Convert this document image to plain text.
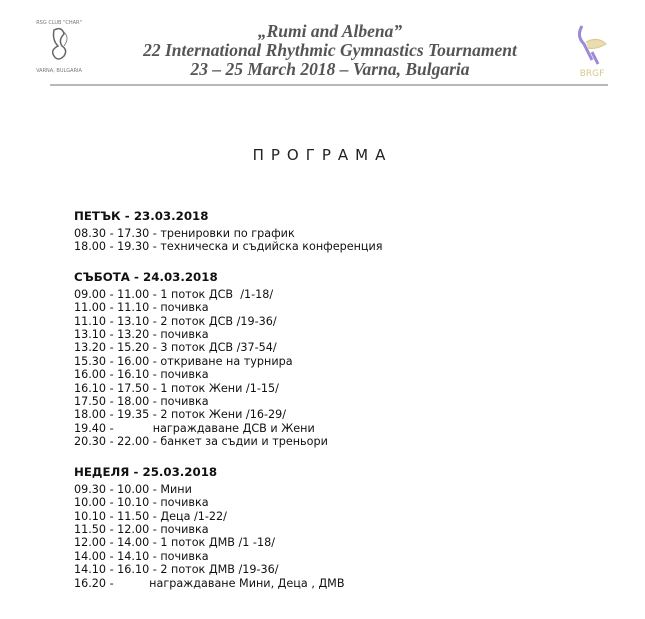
RSG CLUB "CHAR"
VARNA, BULGARIA
„Rumi and Albena”
22 International Rhythmic Gymnastics Tournament
23 – 25 March 2018 – Varna, Bulgaria	BRGF
ПРОГРАМА
ПЕТЪК - 23.03.2018
08.30 - 17.30 - тренировки по график
18.00 - 19.30 - техническа и съдийска конференция
СЪБОТА - 24.03.2018
09.00 - 11.00 - 1 поток ДСВ  /1-18/
11.00 - 11.10 - почивка
11.10 - 13.10 - 2 поток ДСВ /19-36/
13.10 - 13.20 - почивка
13.20 - 15.20 - 3 поток ДСВ /37-54/
15.30 - 16.00 - откриване на турнира
16.00 - 16.10 - почивка
16.10 - 17.50 - 1 поток Жени /1-15/
17.50 - 18.00 - почивка
18.00 - 19.35 - 2 поток Жени /16-29/
19.40 -           награждаване ДСВ и Жени
20.30 - 22.00 - банкет за съдии и треньори
НЕДЕЛЯ - 25.03.2018
09.30 - 10.00 - Мини
10.00 - 10.10 - почивка
10.10 - 11.50 - Деца /1-22/
11.50 - 12.00 - почивка
12.00 - 14.00 - 1 поток ДМВ /1 -18/
14.00 - 14.10 - почивка
14.10 - 16.10 - 2 поток ДМВ /19-36/
16.20 -          награждаване Мини, Деца , ДМВ
